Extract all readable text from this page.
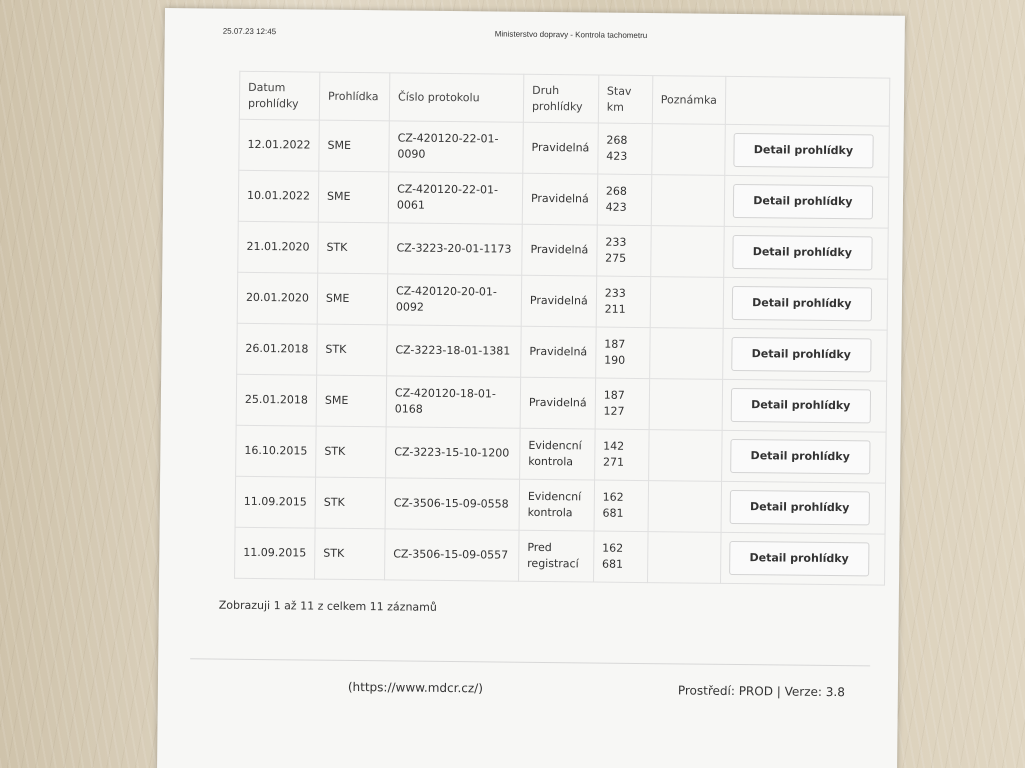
25.07.23 12:45	Ministerstvo dopravy - Kontrola tachometru
Datum prohlídky	Prohlídka	Číslo protokolu	Druh prohlídky	Stav km	Poznámka	
12.01.2022	SME	CZ-420120-22-01-0090	Pravidelná	268 423		Detail prohlídky
10.01.2022	SME	CZ-420120-22-01-0061	Pravidelná	268 423		Detail prohlídky
21.01.2020	STK	CZ-3223-20-01-1173	Pravidelná	233 275		Detail prohlídky
20.01.2020	SME	CZ-420120-20-01-0092	Pravidelná	233 211		Detail prohlídky
26.01.2018	STK	CZ-3223-18-01-1381	Pravidelná	187 190		Detail prohlídky
25.01.2018	SME	CZ-420120-18-01-0168	Pravidelná	187 127		Detail prohlídky
16.10.2015	STK	CZ-3223-15-10-1200	Evidencní kontrola	142 271		Detail prohlídky
11.09.2015	STK	CZ-3506-15-09-0558	Evidencní kontrola	162 681		Detail prohlídky
11.09.2015	STK	CZ-3506-15-09-0557	Pred registrací	162 681		Detail prohlídky
Zobrazuji 1 až 11 z celkem 11 záznamů
(https://www.mdcr.cz/)	Prostředí: PROD | Verze: 3.8
